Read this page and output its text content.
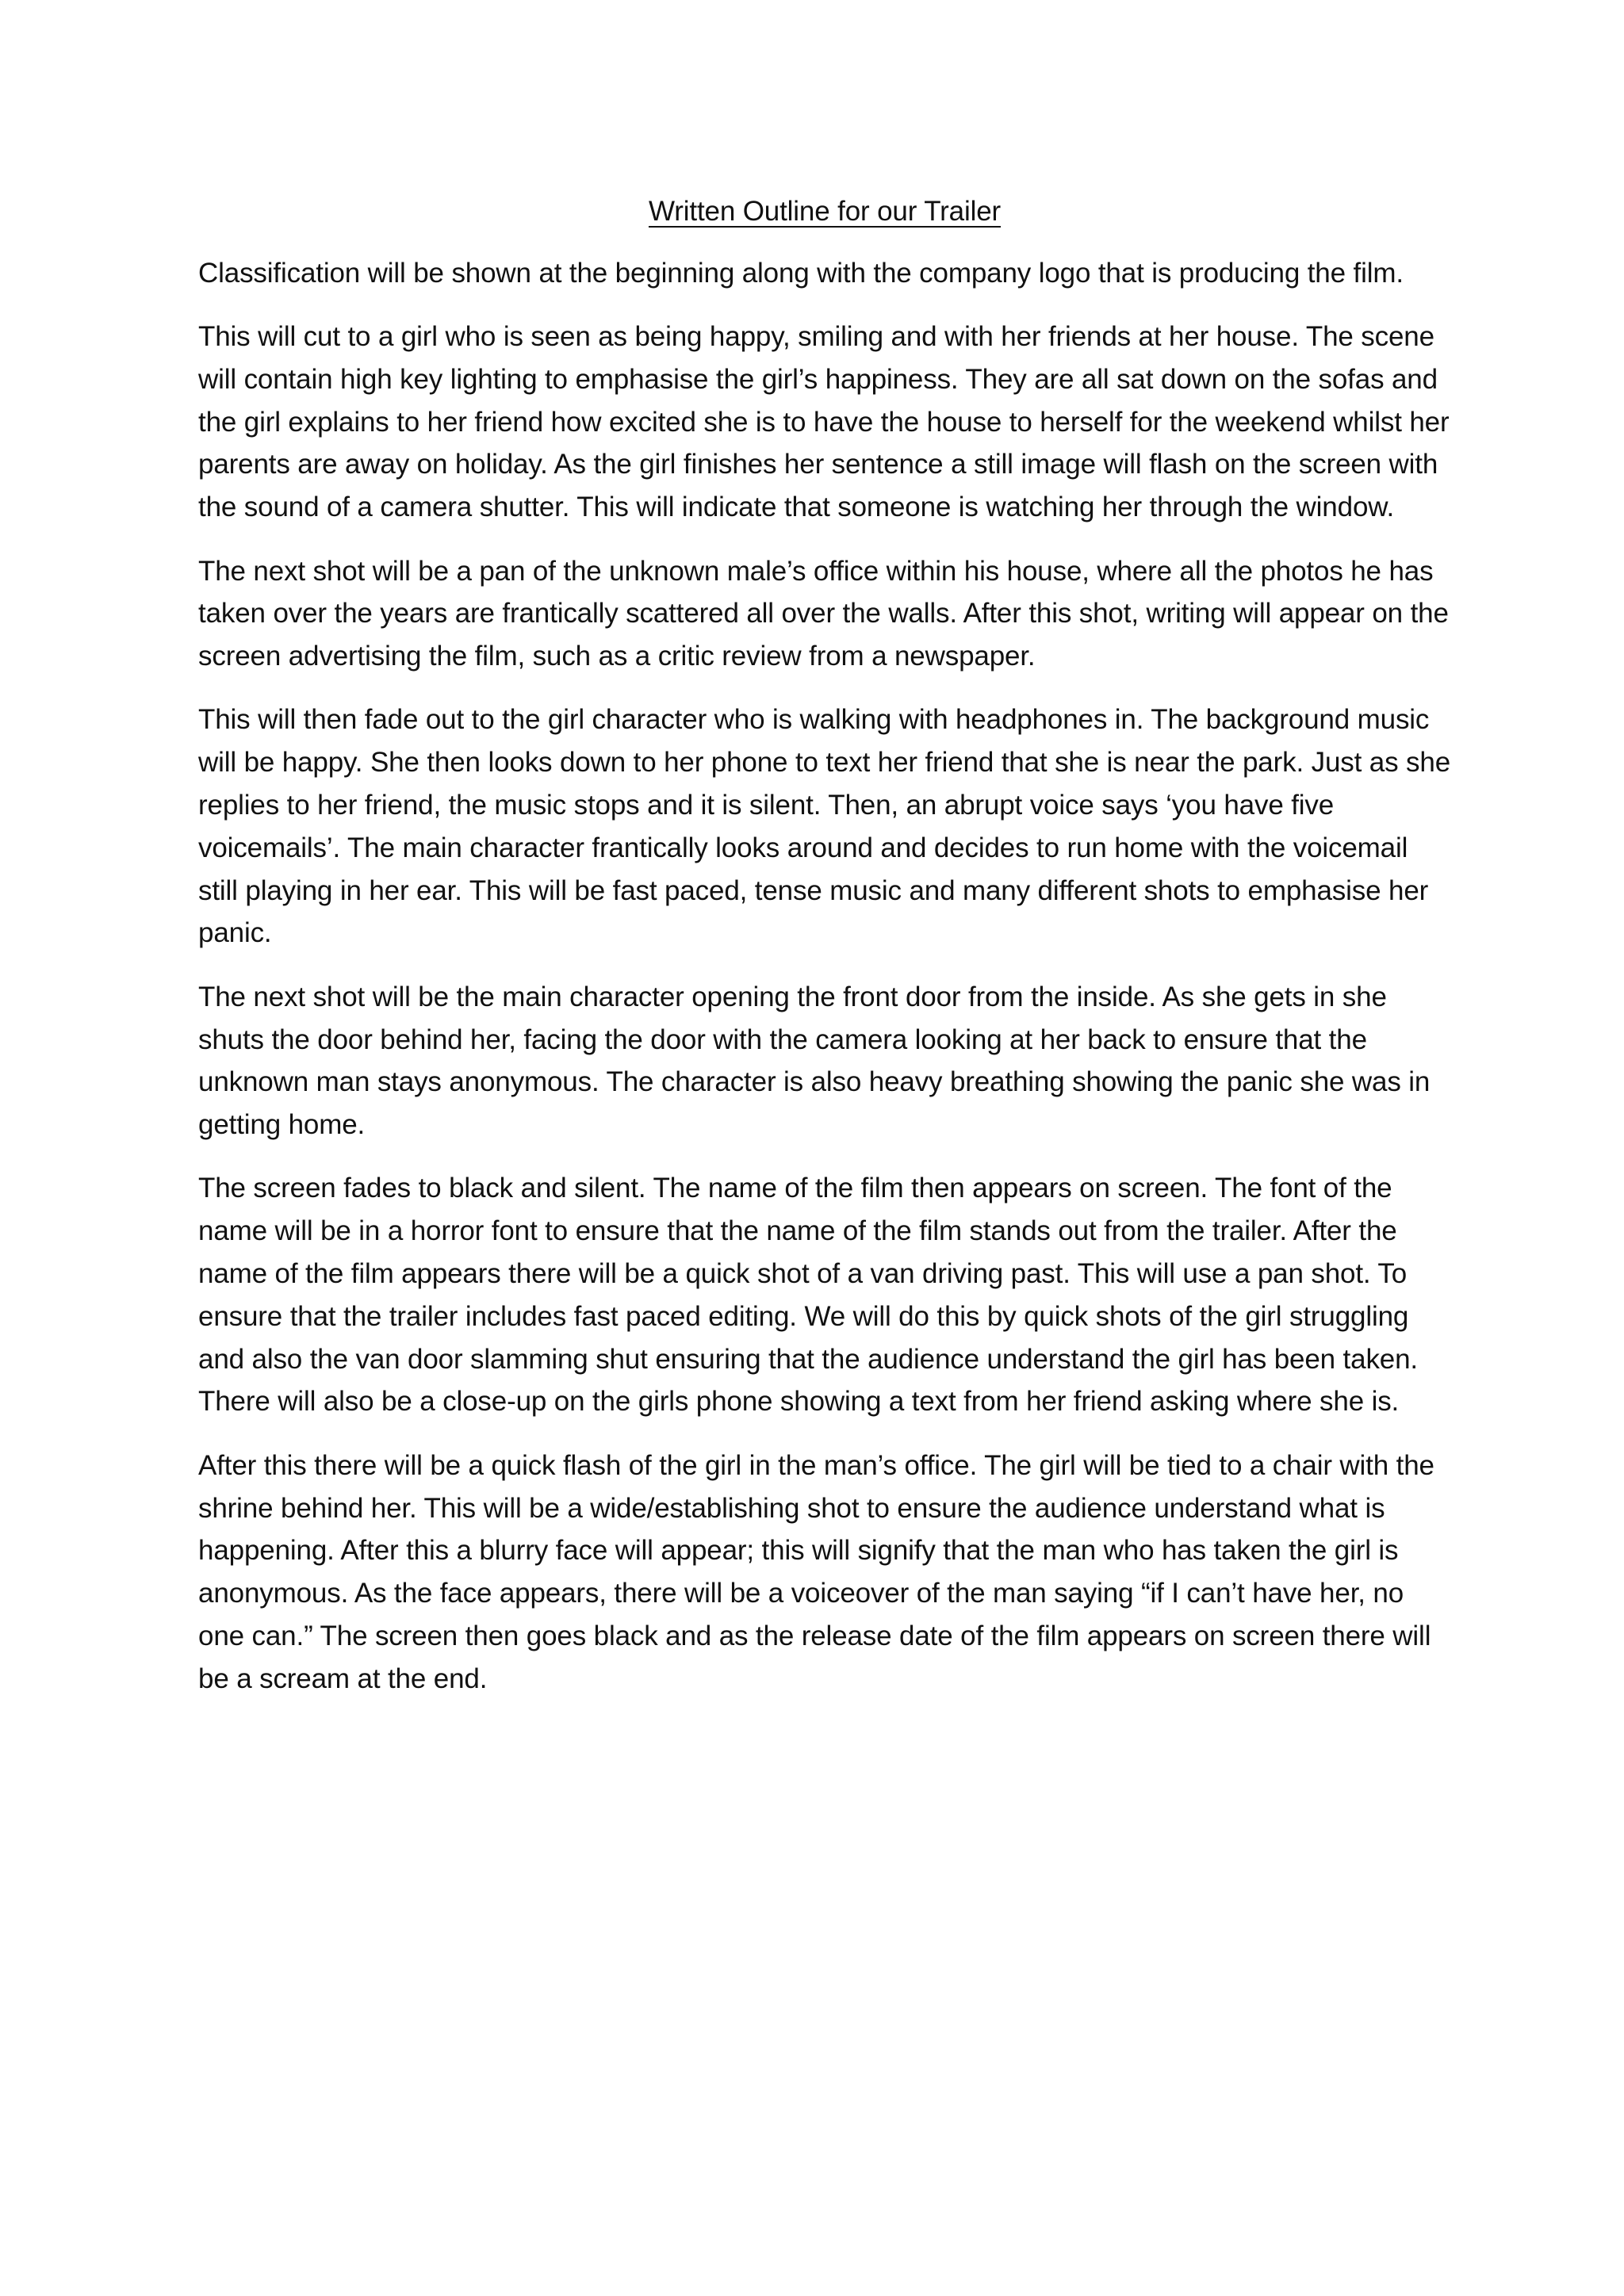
Written Outline for our Trailer

Classification will be shown at the beginning along with the company logo that is producing the film.

This will cut to a girl who is seen as being happy, smiling and with her friends at her house. The scene will contain high key lighting to emphasise the girl’s happiness. They are all sat down on the sofas and the girl explains to her friend how excited she is to have the house to herself for the weekend whilst her parents are away on holiday. As the girl finishes her sentence a still image will flash on the screen with the sound of a camera shutter. This will indicate that someone is watching her through the window.

The next shot will be a pan of the unknown male’s office within his house, where all the photos he has taken over the years are frantically scattered all over the walls. After this shot, writing will appear on the screen advertising the film, such as a critic review from a newspaper.

This will then fade out to the girl character who is walking with headphones in. The background music will be happy. She then looks down to her phone to text her friend that she is near the park. Just as she replies to her friend, the music stops and it is silent. Then, an abrupt voice says ‘you have five voicemails’. The main character frantically looks around and decides to run home with the voicemail still playing in her ear. This will be fast paced, tense music and many different shots to emphasise her panic.

The next shot will be the main character opening the front door from the inside. As she gets in she shuts the door behind her, facing the door with the camera looking at her back to ensure that the unknown man stays anonymous. The character is also heavy breathing showing the panic she was in getting home.

The screen fades to black and silent. The name of the film then appears on screen. The font of the name will be in a horror font to ensure that the name of the film stands out from the trailer. After the name of the film appears there will be a quick shot of a van driving past. This will use a pan shot. To ensure that the trailer includes fast paced editing. We will do this by quick shots of the girl struggling and also the van door slamming shut ensuring that the audience understand the girl has been taken. There will also be a close-up on the girls phone showing a text from her friend asking where she is.

After this there will be a quick flash of the girl in the man’s office. The girl will be tied to a chair with the shrine behind her. This will be a wide/establishing shot to ensure the audience understand what is happening. After this a blurry face will appear; this will signify that the man who has taken the girl is anonymous. As the face appears, there will be a voiceover of the man saying “if I can’t have her, no one can.” The screen then goes black and as the release date of the film appears on screen there will be a scream at the end.
